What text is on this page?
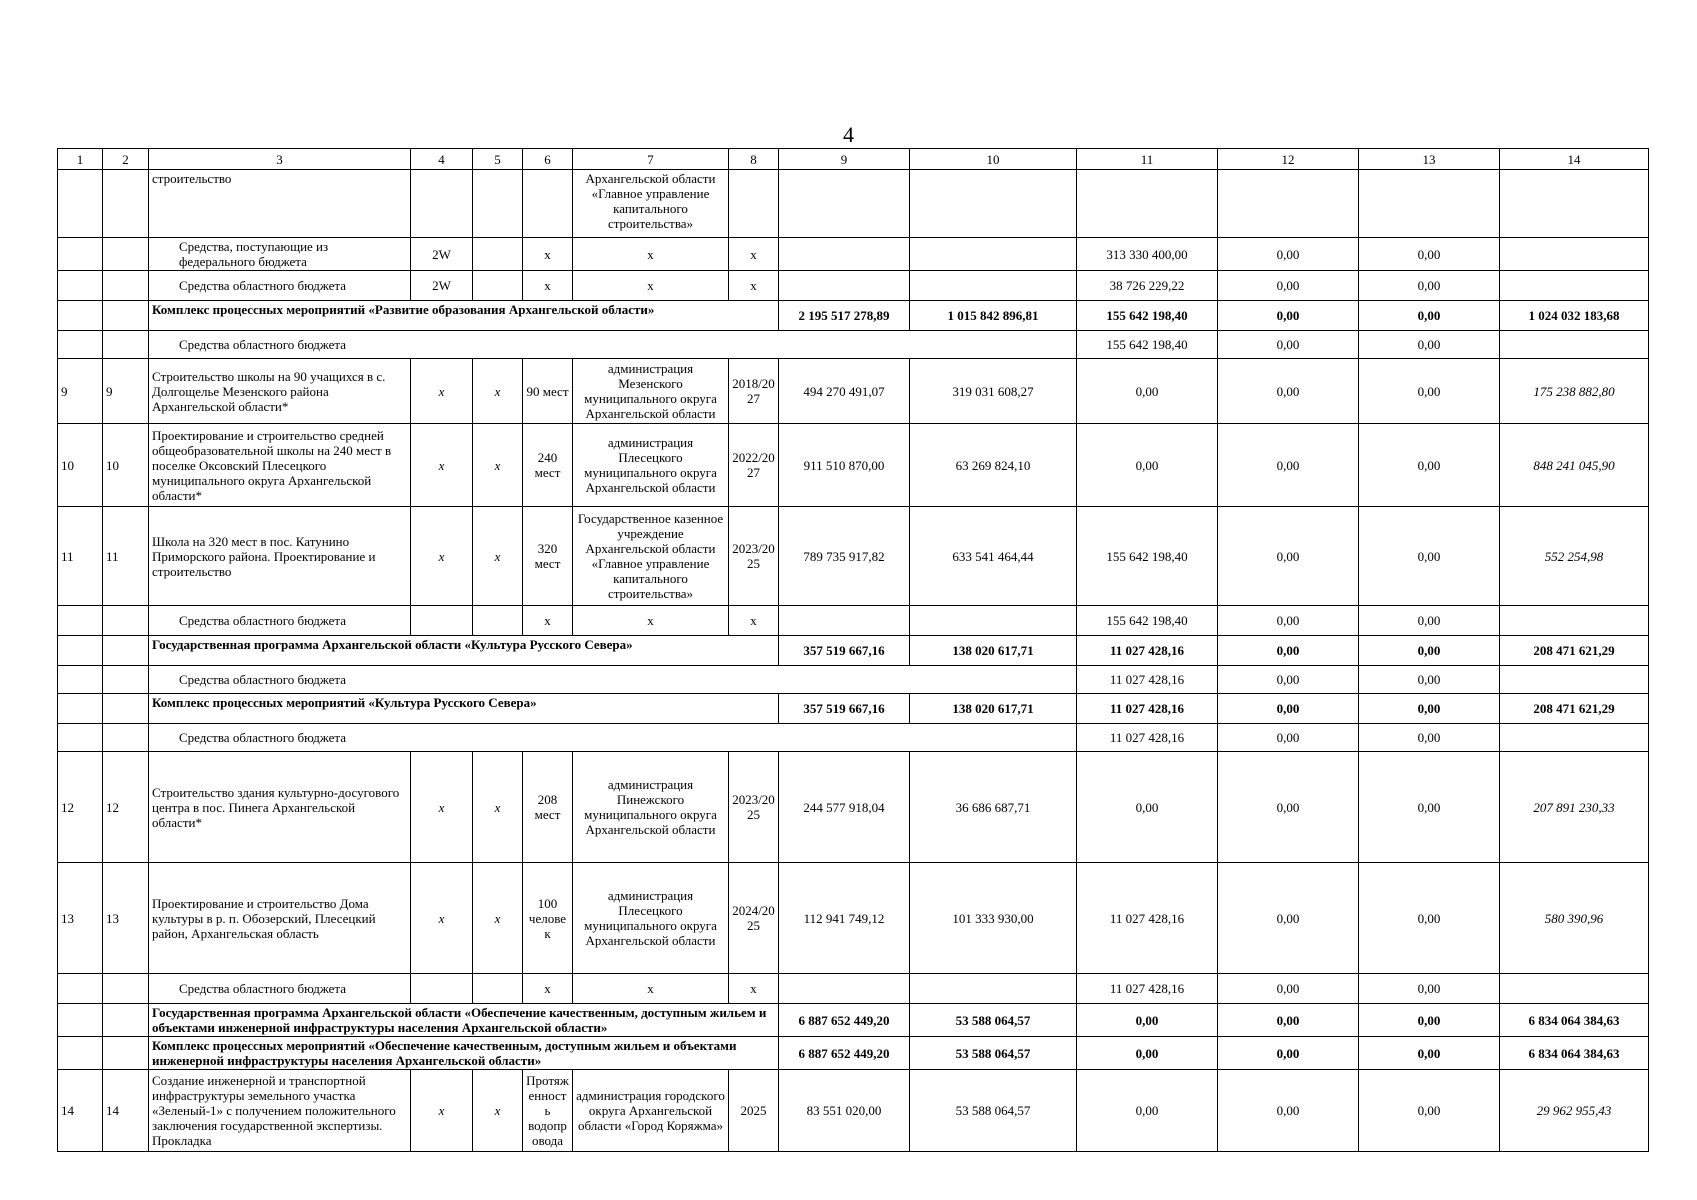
4
1	2	3	4	5	6	7	8	9	10	11	12	13	14
		строительство				Архангельской области «Главное управление капитального строительства»							
		Средства, поступающие из федерального бюджета	2W		х	х	х			313 330 400,00	0,00	0,00	
		Средства областного бюджета	2W		х	х	х			38 726 229,22	0,00	0,00	
		Комплекс процессных мероприятий «Развитие образования Архангельской области»						2 195 517 278,89	1 015 842 896,81	155 642 198,40	0,00	0,00	1 024 032 183,68
		Средства областного бюджета								155 642 198,40	0,00	0,00	
9	9	Строительство школы на 90 учащихся в с. Долгощелье Мезенского района Архангельской области*	х	х	90 мест	администрация Мезенского муниципального округа Архангельской области	2018/2027	494 270 491,07	319 031 608,27	0,00	0,00	0,00	175 238 882,80
10	10	Проектирование и строительство средней общеобразовательной школы на 240 мест в поселке Оксовский Плесецкого муниципального округа Архангельской области*	х	х	240 мест	администрация Плесецкого муниципального округа Архангельской области	2022/2027	911 510 870,00	63 269 824,10	0,00	0,00	0,00	848 241 045,90
11	11	Школа на 320 мест в пос. Катунино Приморского района. Проектирование и строительство	х	х	320 мест	Государственное казенное учреждение Архангельской области «Главное управление капитального строительства»	2023/2025	789 735 917,82	633 541 464,44	155 642 198,40	0,00	0,00	552 254,98
		Средства областного бюджета			х	х	х			155 642 198,40	0,00	0,00	
		Государственная программа Архангельской области «Культура Русского Севера»						357 519 667,16	138 020 617,71	11 027 428,16	0,00	0,00	208 471 621,29
		Средства областного бюджета								11 027 428,16	0,00	0,00	
		Комплекс процессных мероприятий «Культура Русского Севера»						357 519 667,16	138 020 617,71	11 027 428,16	0,00	0,00	208 471 621,29
		Средства областного бюджета								11 027 428,16	0,00	0,00	
12	12	Строительство здания культурно-досугового центра в пос. Пинега Архангельской области*	х	х	208 мест	администрация Пинежского муниципального округа Архангельской области	2023/2025	244 577 918,04	36 686 687,71	0,00	0,00	0,00	207 891 230,33
13	13	Проектирование и строительство Дома культуры в р. п. Обозерский, Плесецкий район, Архангельская область	х	х	100 человек	администрация Плесецкого муниципального округа Архангельской области	2024/2025	112 941 749,12	101 333 930,00	11 027 428,16	0,00	0,00	580 390,96
		Средства областного бюджета			х	х	х			11 027 428,16	0,00	0,00	
		Государственная программа Архангельской области «Обеспечение качественным, доступным жильем и объектами инженерной инфраструктуры населения Архангельской области»						6 887 652 449,20	53 588 064,57	0,00	0,00	0,00	6 834 064 384,63
		Комплекс процессных мероприятий «Обеспечение качественным, доступным жильем и объектами инженерной инфраструктуры населения Архангельской области»						6 887 652 449,20	53 588 064,57	0,00	0,00	0,00	6 834 064 384,63
14	14	Создание инженерной и транспортной инфраструктуры земельного участка «Зеленый-1» с получением положительного заключения государственной экспертизы. Прокладка	х	х	Протяженность водопровода	администрация городского округа Архангельской области «Город Коряжма»	2025	83 551 020,00	53 588 064,57	0,00	0,00	0,00	29 962 955,43
